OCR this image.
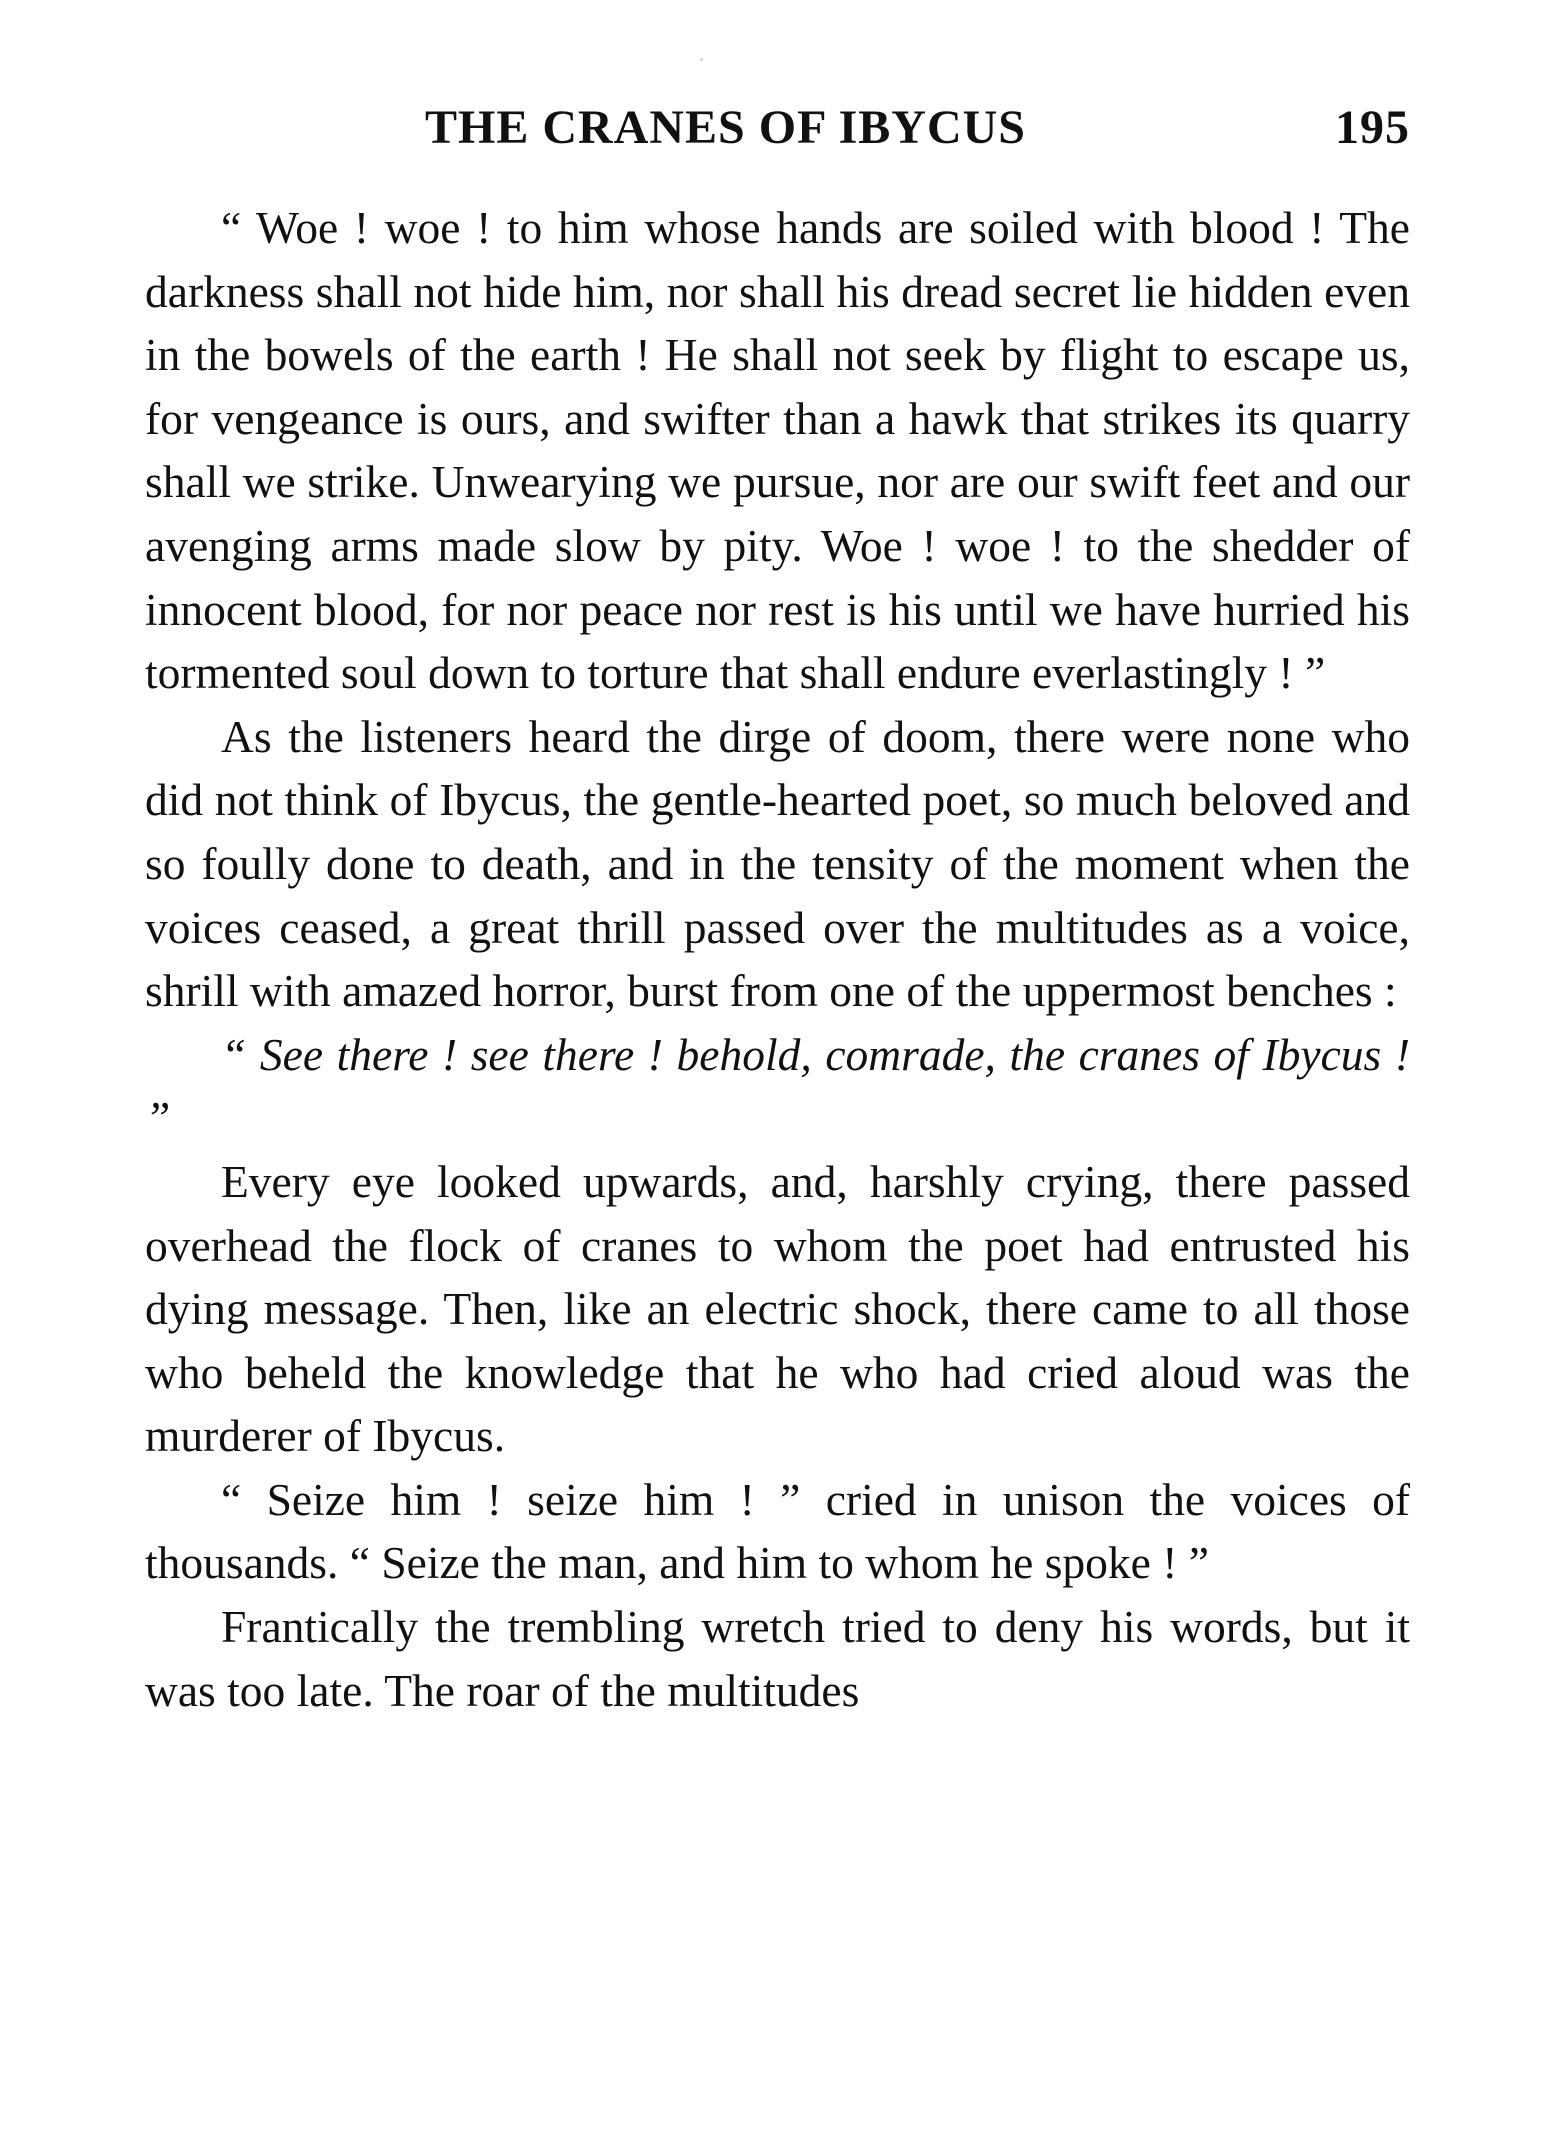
THE CRANES OF IBYCUS	195

“ Woe ! woe ! to him whose hands are soiled with blood ! The darkness shall not hide him, nor shall his dread secret lie hidden even in the bowels of the earth ! He shall not seek by flight to escape us, for vengeance is ours, and swifter than a hawk that strikes its quarry shall we strike. Unwearying we pursue, nor are our swift feet and our avenging arms made slow by pity. Woe ! woe ! to the shedder of innocent blood, for nor peace nor rest is his until we have hurried his tormented soul down to torture that shall endure everlastingly ! ”

As the listeners heard the dirge of doom, there were none who did not think of Ibycus, the gentle-hearted poet, so much beloved and so foully done to death, and in the tensity of the moment when the voices ceased, a great thrill passed over the multitudes as a voice, shrill with amazed horror, burst from one of the uppermost benches :

“ See there ! see there ! behold, comrade, the cranes of Ibycus ! ”

Every eye looked upwards, and, harshly crying, there passed overhead the flock of cranes to whom the poet had entrusted his dying message. Then, like an electric shock, there came to all those who beheld the knowledge that he who had cried aloud was the murderer of Ibycus.

“ Seize him ! seize him ! ” cried in unison the voices of thousands. “ Seize the man, and him to whom he spoke ! ”

Frantically the trembling wretch tried to deny his words, but it was too late. The roar of the multitudes
